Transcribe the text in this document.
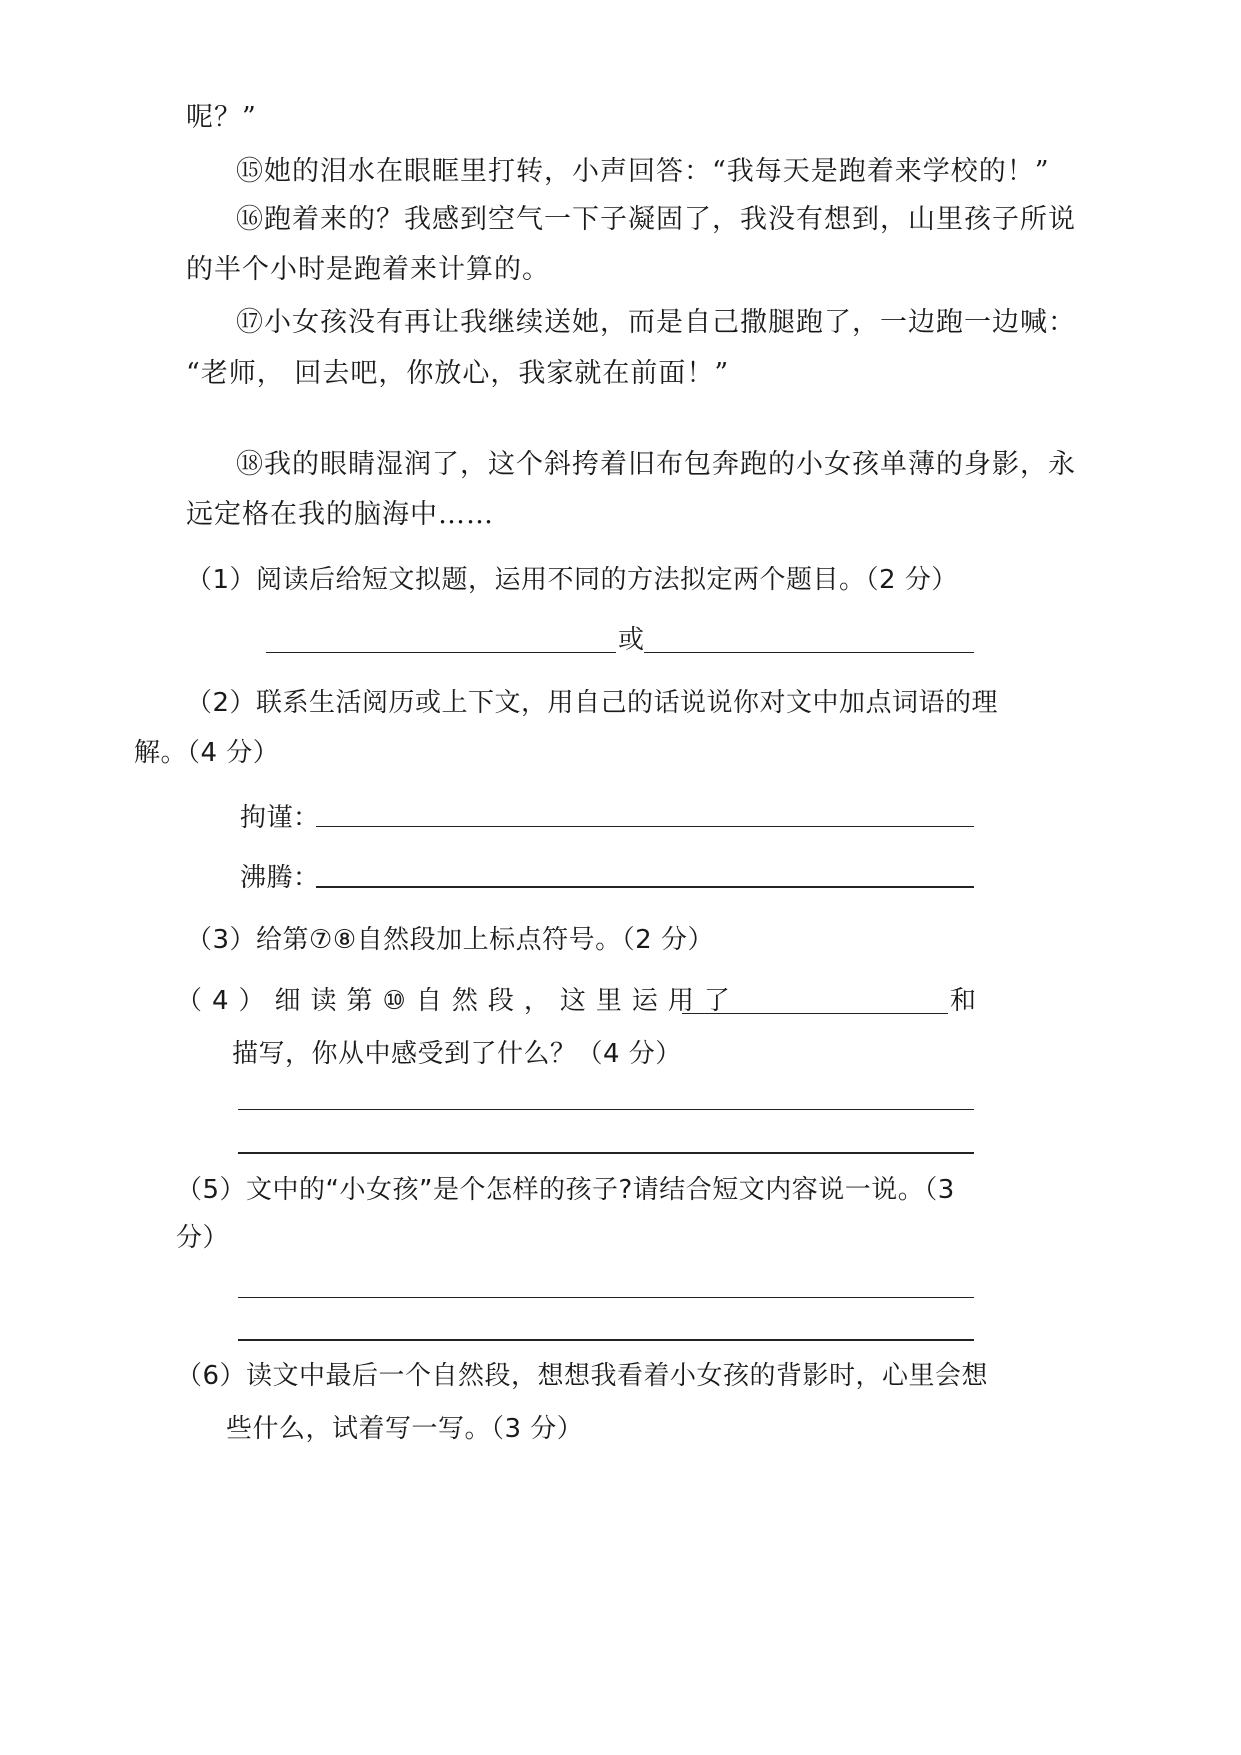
呢？”
⑮她的泪水在眼眶里打转，小声回答：“我每天是跑着来学校的！”
⑯跑着来的？我感到空气一下子凝固了，我没有想到，山里孩子所说
的半个小时是跑着来计算的。
⑰小女孩没有再让我继续送她，而是自己撒腿跑了，一边跑一边喊：
“老师， 回去吧，你放心，我家就在前面！”
⑱我的眼睛湿润了，这个斜挎着旧布包奔跑的小女孩单薄的身影，永
远定格在我的脑海中……
（1）阅读后给短文拟题，运用不同的方法拟定两个题目。（2 分）
或
（2）联系生活阅历或上下文，用自己的话说说你对文中加点词语的理
解。（4 分）
拘谨：
沸腾：
（3）给第⑦⑧自然段加上标点符号。（2 分）
（4）细读第⑩自然段，这里运用了	和
描写，你从中感受到了什么？（4 分）
（5）文中的“小女孩”是个怎样的孩子?请结合短文内容说一说。（3
分）
（6）读文中最后一个自然段，想想我看着小女孩的背影时，心里会想
些什么，试着写一写。（3 分）
